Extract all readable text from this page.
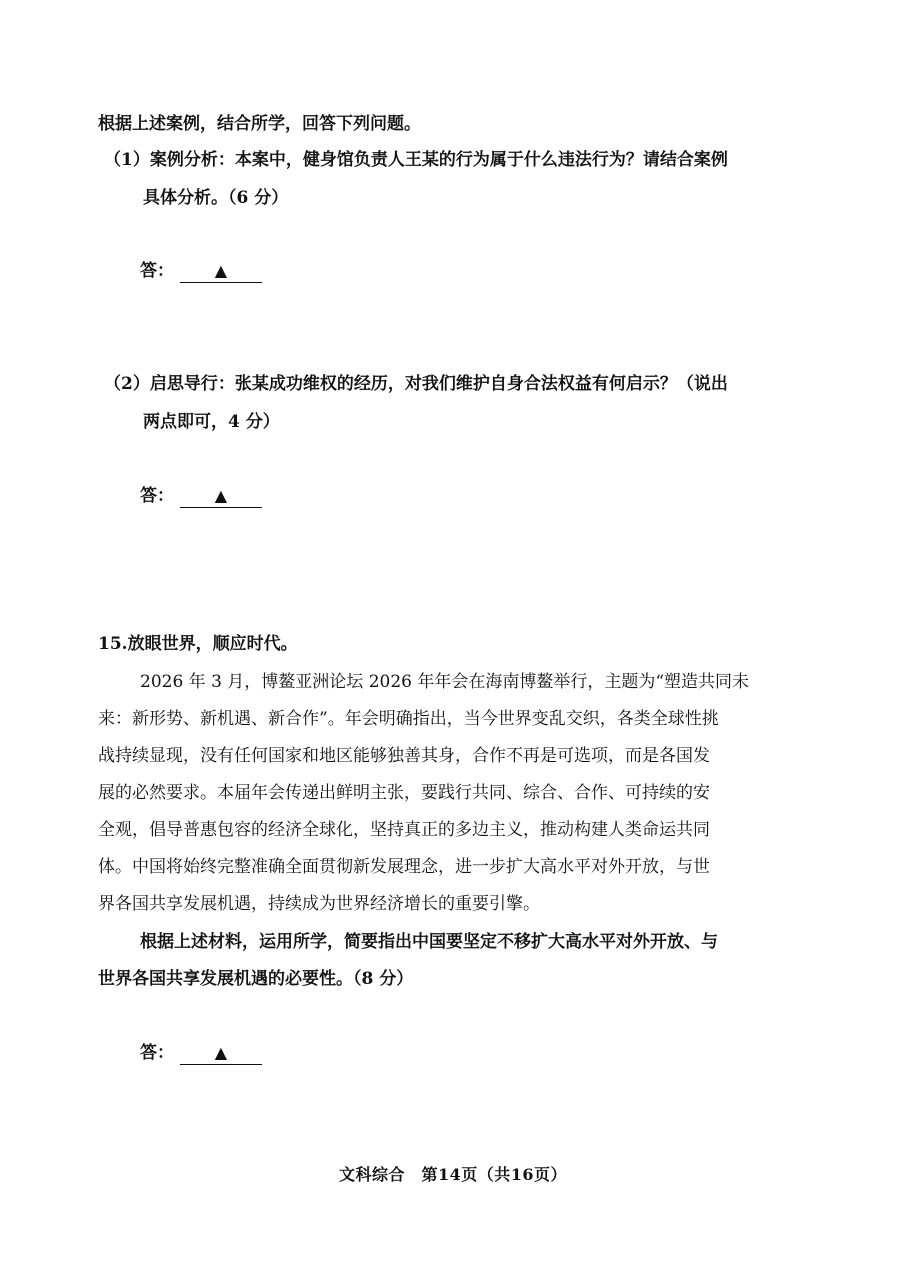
根据上述案例，结合所学，回答下列问题。
（1）案例分析：本案中，健身馆负责人王某的行为属于什么违法行为？请结合案例
具体分析。（6 分）
答：	▲
（2）启思导行：张某成功维权的经历，对我们维护自身合法权益有何启示？（说出
两点即可，4 分）
答：	▲
15.放眼世界，顺应时代。
2026 年 3 月，博鳌亚洲论坛 2026 年年会在海南博鳌举行，主题为“塑造共同未
来：新形势、新机遇、新合作”。年会明确指出，当今世界变乱交织，各类全球性挑
战持续显现，没有任何国家和地区能够独善其身，合作不再是可选项，而是各国发
展的必然要求。本届年会传递出鲜明主张，要践行共同、综合、合作、可持续的安
全观，倡导普惠包容的经济全球化，坚持真正的多边主义，推动构建人类命运共同
体。中国将始终完整准确全面贯彻新发展理念，进一步扩大高水平对外开放，与世
界各国共享发展机遇，持续成为世界经济增长的重要引擎。
根据上述材料，运用所学，简要指出中国要坚定不移扩大高水平对外开放、与
世界各国共享发展机遇的必要性。（8 分）
答：	▲
文科综合　第14页（共16页）
